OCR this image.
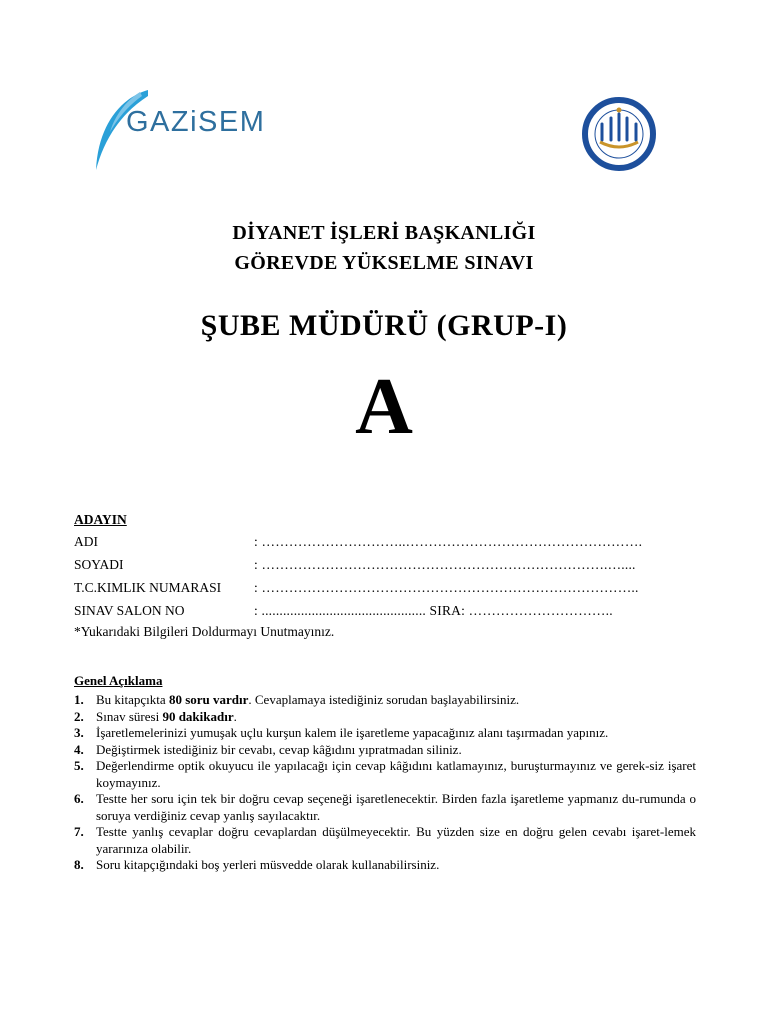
GAZiSEM
DİYANET İŞLERİ BAŞKANLIĞI
GÖREVDE YÜKSELME SINAVI
ŞUBE MÜDÜRÜ (GRUP-I)
A
ADAYIN
ADI	: …………………………..…………………………………………….
SOYADI	: ………………………………………………………………….…....
T.C.KIMLIK NUMARASI	: ………………………………………………………………………..
SINAV SALON NO	: .............................................. SIRA: …………………………..
*Yukarıdaki Bilgileri Doldurmayı Unutmayınız.
Genel Açıklama
1. Bu kitapçıkta 80 soru vardır. Cevaplamaya istediğiniz sorudan başlayabilirsiniz.
2. Sınav süresi 90 dakikadır.
3. İşaretlemelerinizi yumuşak uçlu kurşun kalem ile işaretleme yapacağınız alanı taşırmadan yapınız.
4. Değiştirmek istediğiniz bir cevabı, cevap kâğıdını yıpratmadan siliniz.
5. Değerlendirme optik okuyucu ile yapılacağı için cevap kâğıdını katlamayınız, buruşturmayınız ve gerek-siz işaret koymayınız.
6. Testte her soru için tek bir doğru cevap seçeneği işaretlenecektir. Birden fazla işaretleme yapmanız du-rumunda o soruya verdiğiniz cevap yanlış sayılacaktır.
7. Testte yanlış cevaplar doğru cevaplardan düşülmeyecektir. Bu yüzden size en doğru gelen cevabı işaret-lemek yararınıza olabilir.
8. Soru kitapçığındaki boş yerleri müsvedde olarak kullanabilirsiniz.
